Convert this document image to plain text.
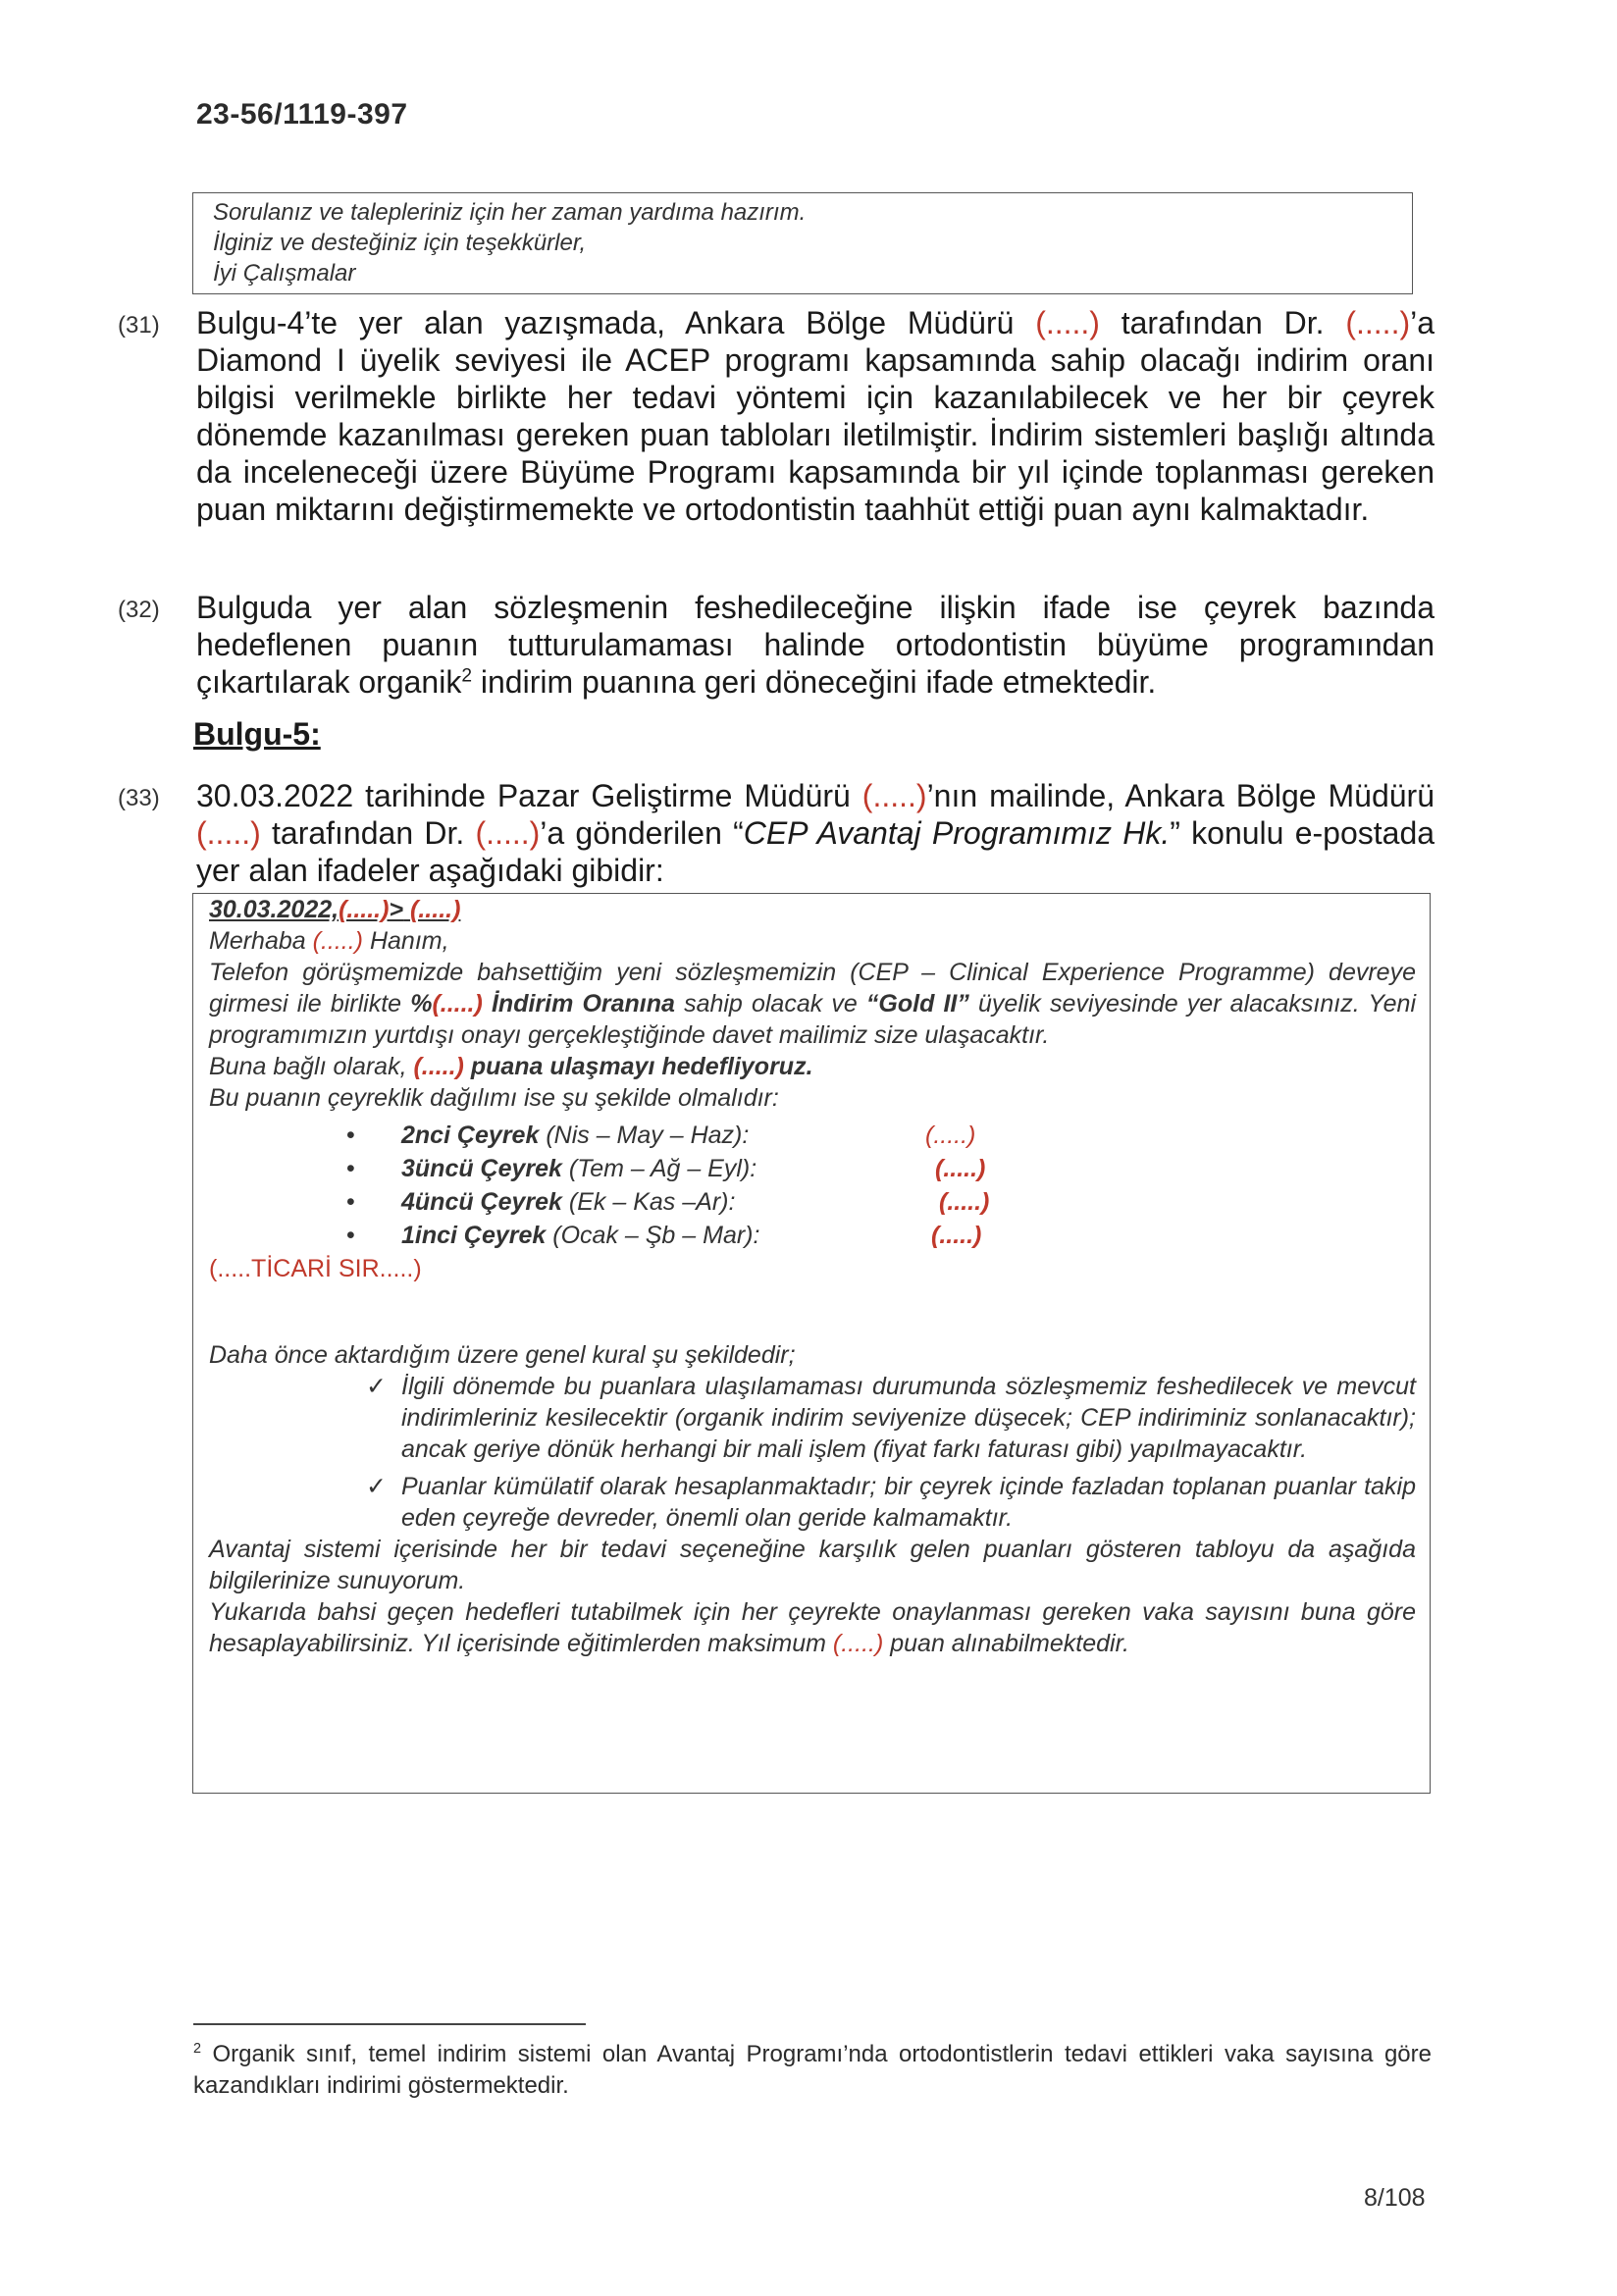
23-56/1119-397
Sorulanız ve talepleriniz için her zaman yardıma hazırım.
İlginiz ve desteğiniz için teşekkürler,
İyi Çalışmalar
(31) Bulgu-4’te yer alan yazışmada, Ankara Bölge Müdürü (.....) tarafından Dr. (.....)’a Diamond I üyelik seviyesi ile ACEP programı kapsamında sahip olacağı indirim oranı bilgisi verilmekle birlikte her tedavi yöntemi için kazanılabilecek ve her bir çeyrek dönemde kazanılması gereken puan tabloları iletilmiştir. İndirim sistemleri başlığı altında da inceleneceği üzere Büyüme Programı kapsamında bir yıl içinde toplanması gereken puan miktarını değiştirmemekte ve ortodontistin taahhüt ettiği puan aynı kalmaktadır.
(32) Bulguda yer alan sözleşmenin feshedileceğine ilişkin ifade ise çeyrek bazında hedeflenen puanın tutturulamaması halinde ortodontistin büyüme programından çıkartılarak organik$^2$ indirim puanına geri döneceğini ifade etmektedir.
Bulgu-5:
(33) 30.03.2022 tarihinde Pazar Geliştirme Müdürü (.....)’nın mailinde, Ankara Bölge Müdürü (.....) tarafından Dr. (.....)’a gönderilen “CEP Avantaj Programımız Hk.” konulu e-postada yer alan ifadeler aşağıdaki gibidir:
30.03.2022,(.....)> (.....)
Merhaba (.....) Hanım,
Telefon görüşmemizde bahsettiğim yeni sözleşmemizin (CEP – Clinical Experience Programme) devreye girmesi ile birlikte %(.....) İndirim Oranına sahip olacak ve “Gold II” üyelik seviyesinde yer alacaksınız. Yeni programımızın yurtdışı onayı gerçekleştiğinde davet mailimiz size ulaşacaktır.
Buna bağlı olarak, (.....) puana ulaşmayı hedefliyoruz.
Bu puanın çeyreklik dağılımı ise şu şekilde olmalıdır:
• 2nci Çeyrek (Nis – May – Haz):	(.....)
• 3üncü Çeyrek (Tem – Ağ – Eyl):	(.....)
• 4üncü Çeyrek (Ek – Kas –Ar):	(.....)
• 1inci Çeyrek (Ocak – Şb – Mar):	(.....)
(.....TİCARİ SIR.....)
Daha önce aktardığım üzere genel kural şu şekildedir;
✓ İlgili dönemde bu puanlara ulaşılamaması durumunda sözleşmemiz feshedilecek ve mevcut indirimleriniz kesilecektir (organik indirim seviyenize düşecek; CEP indiriminiz sonlanacaktır); ancak geriye dönük herhangi bir mali işlem (fiyat farkı faturası gibi) yapılmayacaktır.
✓ Puanlar kümülatif olarak hesaplanmaktadır; bir çeyrek içinde fazladan toplanan puanlar takip eden çeyreğe devreder, önemli olan geride kalmamaktır.
Avantaj sistemi içerisinde her bir tedavi seçeneğine karşılık gelen puanları gösteren tabloyu da aşağıda bilgilerinize sunuyorum.
Yukarıda bahsi geçen hedefleri tutabilmek için her çeyrekte onaylanması gereken vaka sayısını buna göre hesaplayabilirsiniz. Yıl içerisinde eğitimlerden maksimum (.....) puan alınabilmektedir.
$^2$ Organik sınıf, temel indirim sistemi olan Avantaj Programı’nda ortodontistlerin tedavi ettikleri vaka sayısına göre kazandıkları indirimi göstermektedir.
8/108
